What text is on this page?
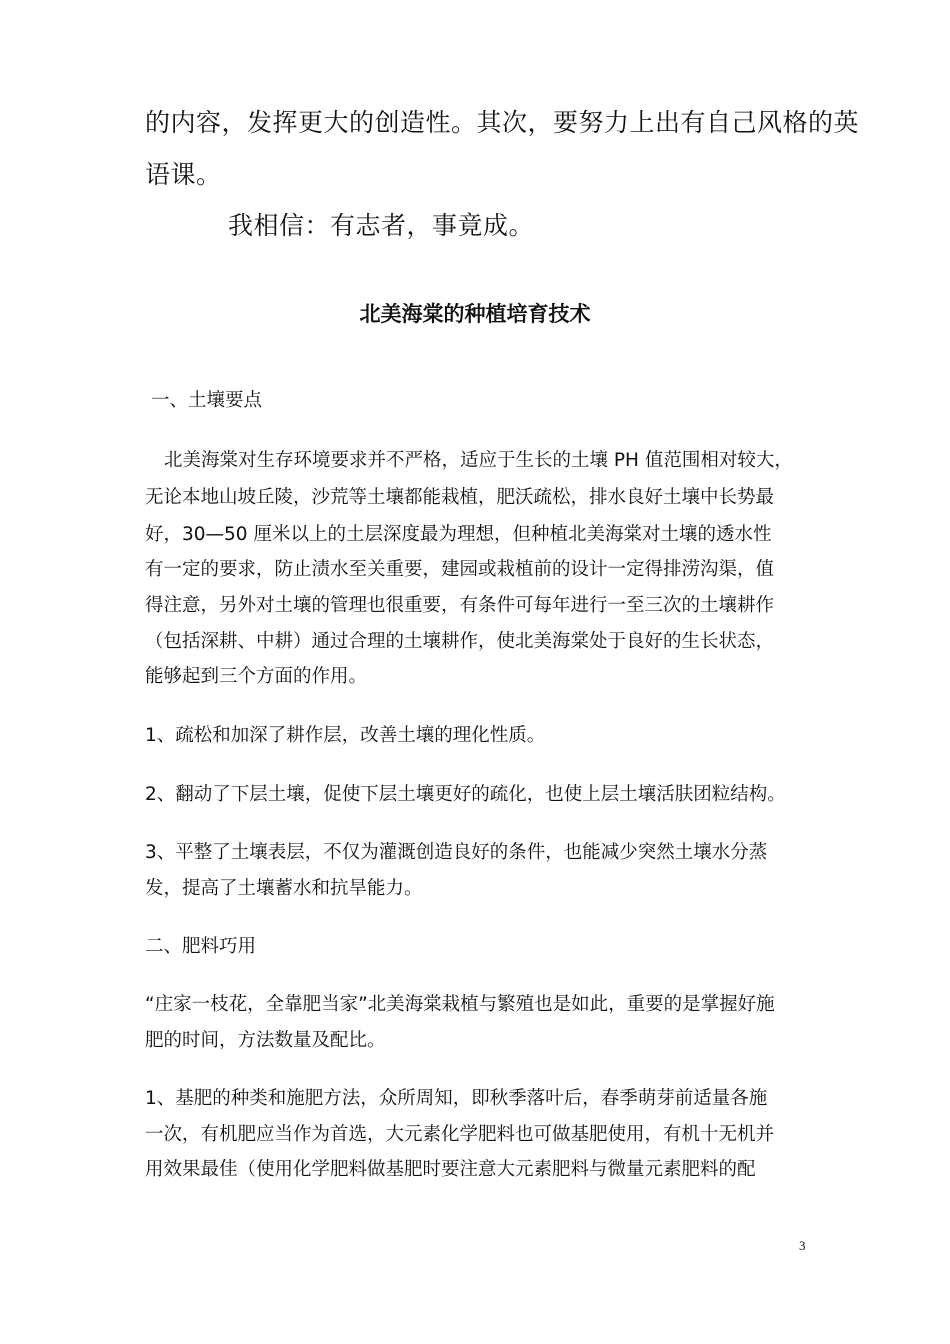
的内容，发挥更大的创造性。其次，要努力上出有自己风格的英
语课。
我相信：有志者，事竟成。
北美海棠的种植培育技术
一、土壤要点
北美海棠对生存环境要求并不严格，适应于生长的土壤 PH 值范围相对较大，
无论本地山坡丘陵，沙荒等土壤都能栽植，肥沃疏松，排水良好土壤中长势最
好，30—50 厘米以上的土层深度最为理想，但种植北美海棠对土壤的透水性
有一定的要求，防止渍水至关重要，建园或栽植前的设计一定得排涝沟渠，值
得注意，另外对土壤的管理也很重要，有条件可每年进行一至三次的土壤耕作
（包括深耕、中耕）通过合理的土壤耕作，使北美海棠处于良好的生长状态，
能够起到三个方面的作用。
1、疏松和加深了耕作层，改善土壤的理化性质。
2、翻动了下层土壤，促使下层土壤更好的疏化，也使上层土壤活肤团粒结构。
3、平整了土壤表层，不仅为灌溉创造良好的条件，也能减少突然土壤水分蒸
发，提高了土壤蓄水和抗旱能力。
二、肥料巧用
“庄家一枝花，全靠肥当家”北美海棠栽植与繁殖也是如此，重要的是掌握好施
肥的时间，方法数量及配比。
1、基肥的种类和施肥方法，众所周知，即秋季落叶后，春季萌芽前适量各施
一次，有机肥应当作为首选，大元素化学肥料也可做基肥使用，有机十无机并
用效果最佳（使用化学肥料做基肥时要注意大元素肥料与微量元素肥料的配
3
